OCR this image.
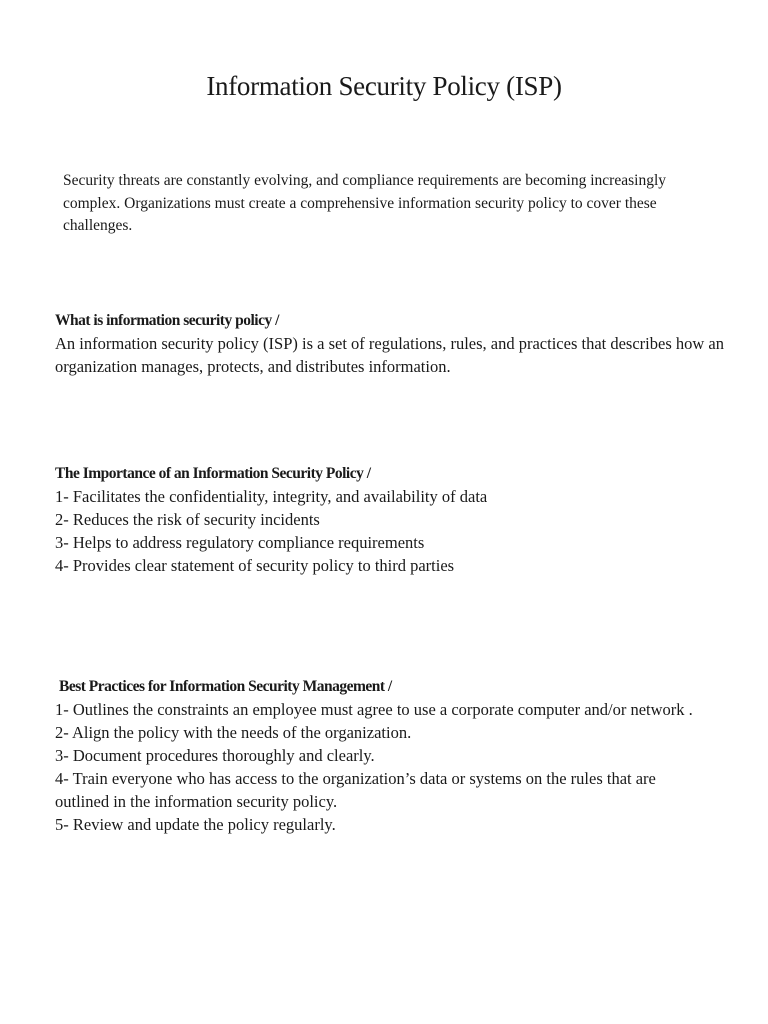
Information Security Policy (ISP)

Security threats are constantly evolving, and compliance requirements are becoming increasingly complex. Organizations must create a comprehensive information security policy to cover these challenges.

What is information security policy /

An information security policy (ISP) is a set of regulations, rules, and practices that describes how an organization manages, protects, and distributes information.

The Importance of an Information Security Policy /

1- Facilitates the confidentiality, integrity, and availability of data

2- Reduces the risk of security incidents

3- Helps to address regulatory compliance requirements

4- Provides clear statement of security policy to third parties

Best Practices for Information Security Management /

1- Outlines the constraints an employee must agree to use a corporate computer and/or network .

2- Align the policy with the needs of the organization.

3- Document procedures thoroughly and clearly.

4- Train everyone who has access to the organization’s data or systems on the rules that are outlined in the information security policy.

5- Review and update the policy regularly.
